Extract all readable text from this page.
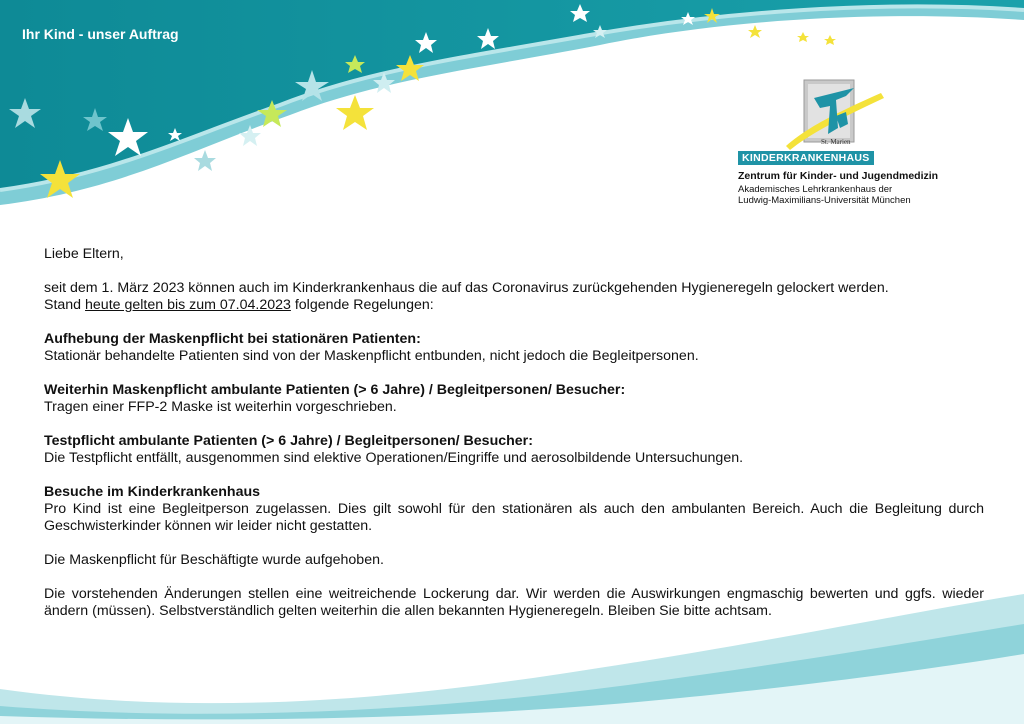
Ihr Kind - unser Auftrag
St. Marien
KINDERKRANKENHAUS
Zentrum für Kinder- und Jugendmedizin
Akademisches Lehrkrankenhaus der
Ludwig-Maximilians-Universität München

Liebe Eltern,

seit dem 1. März 2023 können auch im Kinderkrankenhaus die auf das Coronavirus zurückgehenden Hygieneregeln gelockert werden.
Stand heute gelten bis zum 07.04.2023 folgende Regelungen:

Aufhebung der Maskenpflicht bei stationären Patienten:
Stationär behandelte Patienten sind von der Maskenpflicht entbunden, nicht jedoch die Begleitpersonen.

Weiterhin Maskenpflicht ambulante Patienten (> 6 Jahre) / Begleitpersonen/ Besucher:
Tragen einer FFP-2 Maske ist weiterhin vorgeschrieben.

Testpflicht ambulante Patienten (> 6 Jahre) / Begleitpersonen/ Besucher:
Die Testpflicht entfällt, ausgenommen sind elektive Operationen/Eingriffe und aerosolbildende Untersuchungen.

Besuche im Kinderkrankenhaus
Pro Kind ist eine Begleitperson zugelassen. Dies gilt sowohl für den stationären als auch den ambulanten Bereich. Auch die Begleitung durch Geschwisterkinder können wir leider nicht gestatten.

Die Maskenpflicht für Beschäftigte wurde aufgehoben.

Die vorstehenden Änderungen stellen eine weitreichende Lockerung dar. Wir werden die Auswirkungen engmaschig bewerten und ggfs. wieder ändern (müssen). Selbstverständlich gelten weiterhin die allen bekannten Hygieneregeln. Bleiben Sie bitte achtsam.
